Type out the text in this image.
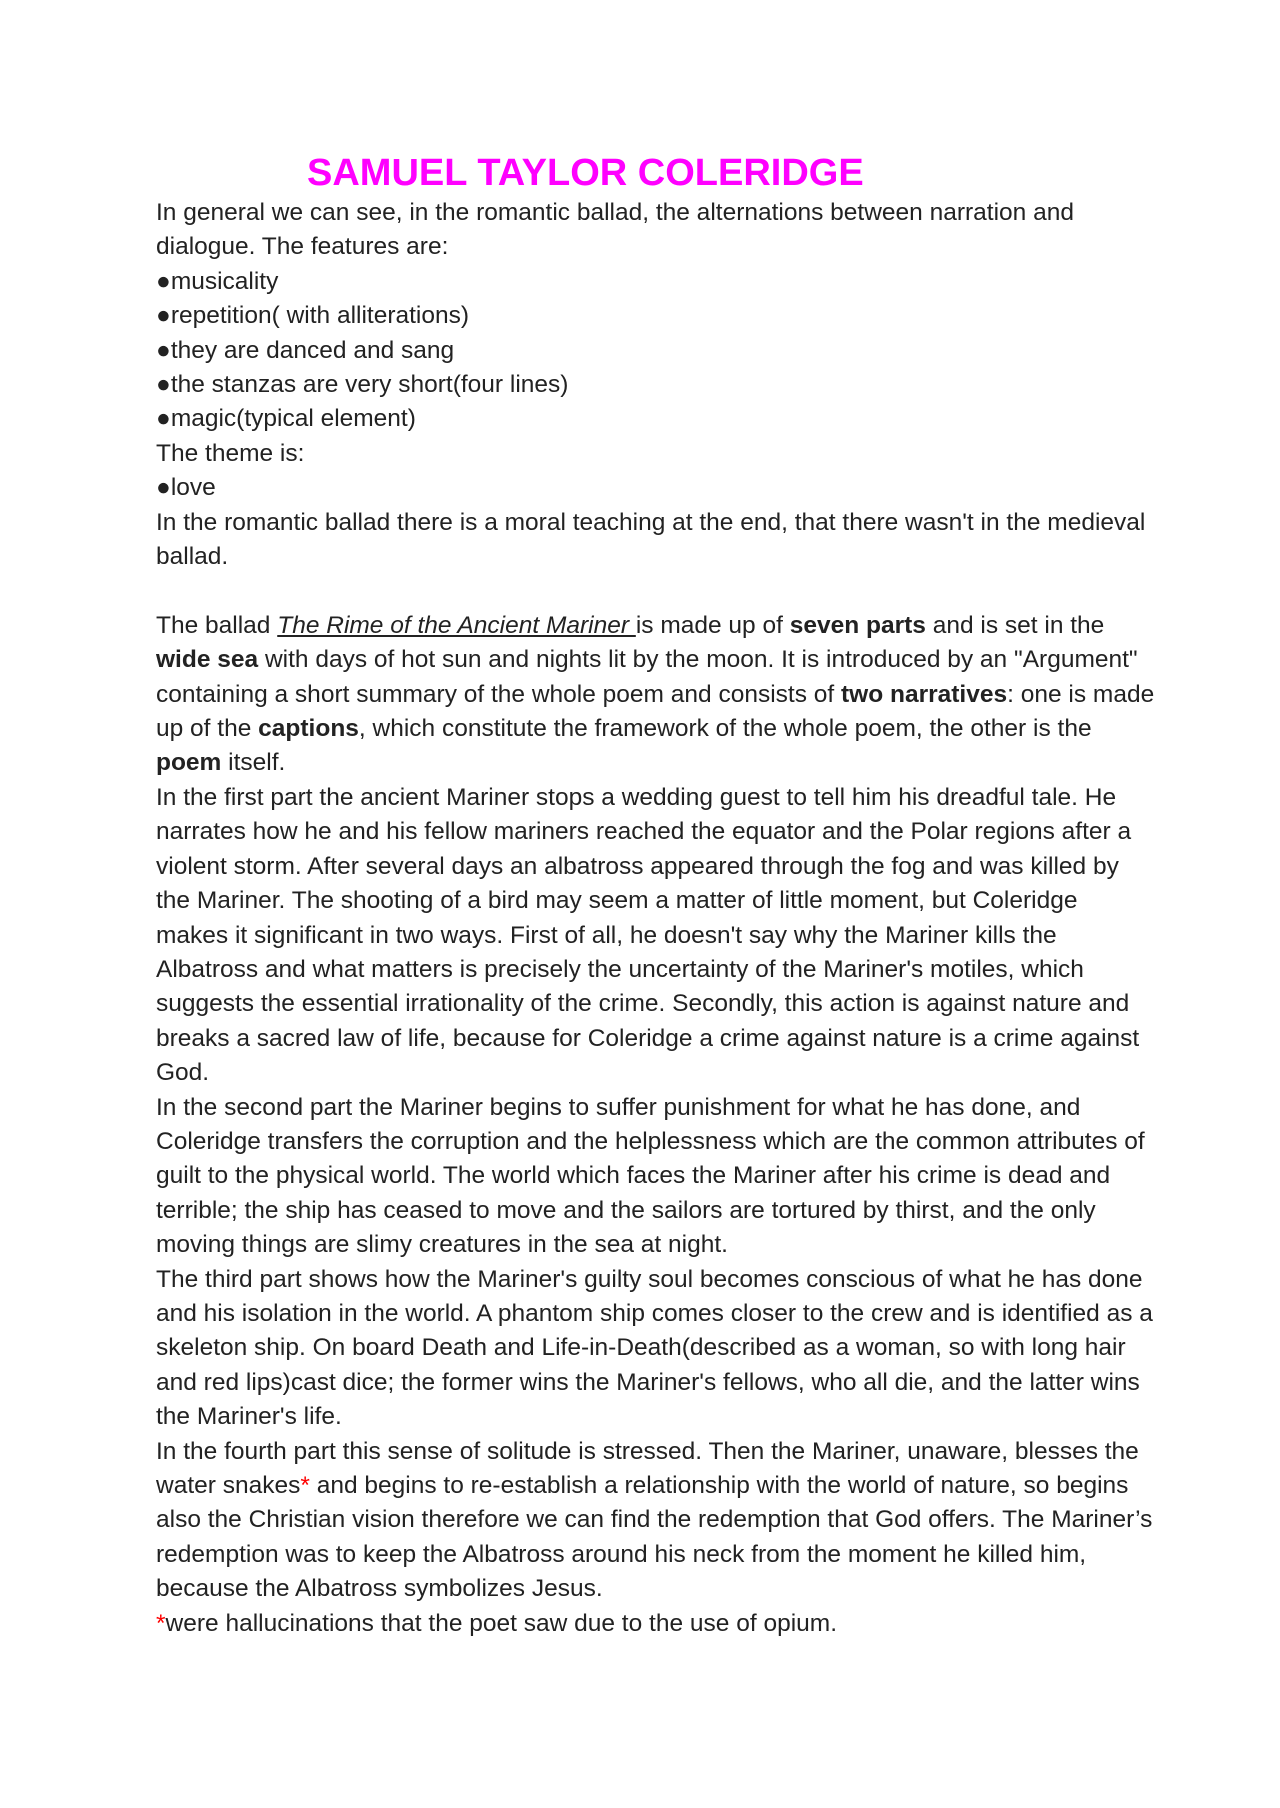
SAMUEL TAYLOR COLERIDGE

In general we can see, in the romantic ballad, the alternations between narration and dialogue. The features are:

● musicality
● repetition( with alliterations)
● they are danced and sang
● the stanzas are very short(four lines)
● magic(typical element)

The theme is:

● love

In the romantic ballad there is a moral teaching at the end, that there wasn't in the medieval ballad.

The ballad The Rime of the Ancient Mariner is made up of seven parts and is set in the wide sea with days of hot sun and nights lit by the moon. It is introduced by an "Argument" containing a short summary of the whole poem and consists of two narratives: one is made up of the captions, which constitute the framework of the whole poem, the other is the poem itself.

In the first part the ancient Mariner stops a wedding guest to tell him his dreadful tale. He narrates how he and his fellow mariners reached the equator and the Polar regions after a violent storm. After several days an albatross appeared through the fog and was killed by the Mariner. The shooting of a bird may seem a matter of little moment, but Coleridge makes it significant in two ways. First of all, he doesn't say why the Mariner kills the Albatross and what matters is precisely the uncertainty of the Mariner's motiles, which suggests the essential irrationality of the crime. Secondly, this action is against nature and breaks a sacred law of life, because for Coleridge a crime against nature is a crime against God.

In the second part the Mariner begins to suffer punishment for what he has done, and Coleridge transfers the corruption and the helplessness which are the common attributes of guilt to the physical world. The world which faces the Mariner after his crime is dead and terrible; the ship has ceased to move and the sailors are tortured by thirst, and the only moving things are slimy creatures in the sea at night.

The third part shows how the Mariner's guilty soul becomes conscious of what he has done and his isolation in the world. A phantom ship comes closer to the crew and is identified as a skeleton ship. On board Death and Life-in-Death(described as a woman, so with long hair and red lips)cast dice; the former wins the Mariner's fellows, who all die, and the latter wins the Mariner's life.

In the fourth part this sense of solitude is stressed. Then the Mariner, unaware, blesses the water snakes* and begins to re-establish a relationship with the world of nature, so begins also the Christian vision therefore we can find the redemption that God offers. The Mariner’s redemption was to keep the Albatross around his neck from the moment he killed him, because the Albatross symbolizes Jesus.

*were hallucinations that the poet saw due to the use of opium.
